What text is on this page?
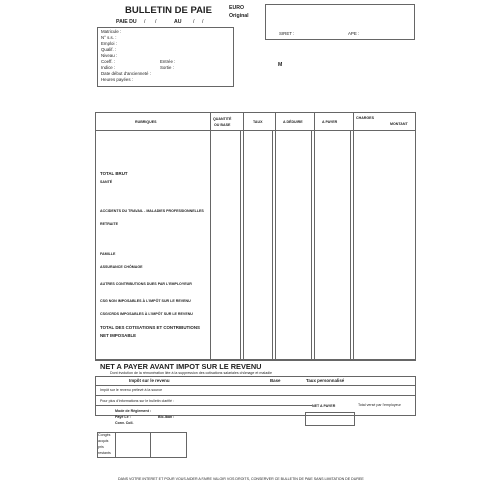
BULLETIN DE PAIE
PAIE DU / /	AU / /
EURO
Original
SIRET :	APE :
Matricule :
N° s.s. :
Emploi :
Qualif. :
Niveau :
Coeff. :
Indice :
Date début d'ancienneté :
Heures payées :
Entrée :
Sortie :	M
RUBRIQUES
QUANTITÉ
OU BASE
TAUX	A DÉDUIRE	A PAYER
CHARGES
MONTANT
TOTAL BRUT
SANTÉ
ACCIDENTS DU TRAVAIL - MALADIES PROFESSIONNELLES
RETRAITE
FAMILLE
ASSURANCE CHÔMAGE
AUTRES CONTRIBUTIONS DUES PAR L'EMPLOYEUR
CSG NON IMPOSABLES À L'IMPÔT SUR LE REVENU
CSG/CRDS IMPOSABLES À L'IMPÔT SUR LE REVENU
TOTAL DES COTISATIONS ET CONTRIBUTIONS
NET IMPOSABLE
NET A PAYER AVANT IMPOT SUR LE REVENU
Dont évolution de la rémunération liée à la suppression des cotisations salariales chômage et maladie
Impôt sur le revenu	Base	Taux personnalisé
Impôt sur le revenu prélevé à la source
Pour plus d'informations sur le bulletin clarifié :
NET A PAYER	Total versé par l'employeur
Mode de Règlement :
Payé Le :
Conv. Coll.
Bic-Iban :
Congés
acquis
pris
restants
DANS VOTRE INTERET ET POUR VOUS AIDER A FAIRE VALOIR VOS DROITS, CONSERVER CE BULLETIN DE PAIE SANS LIMITATION DE DUREE
